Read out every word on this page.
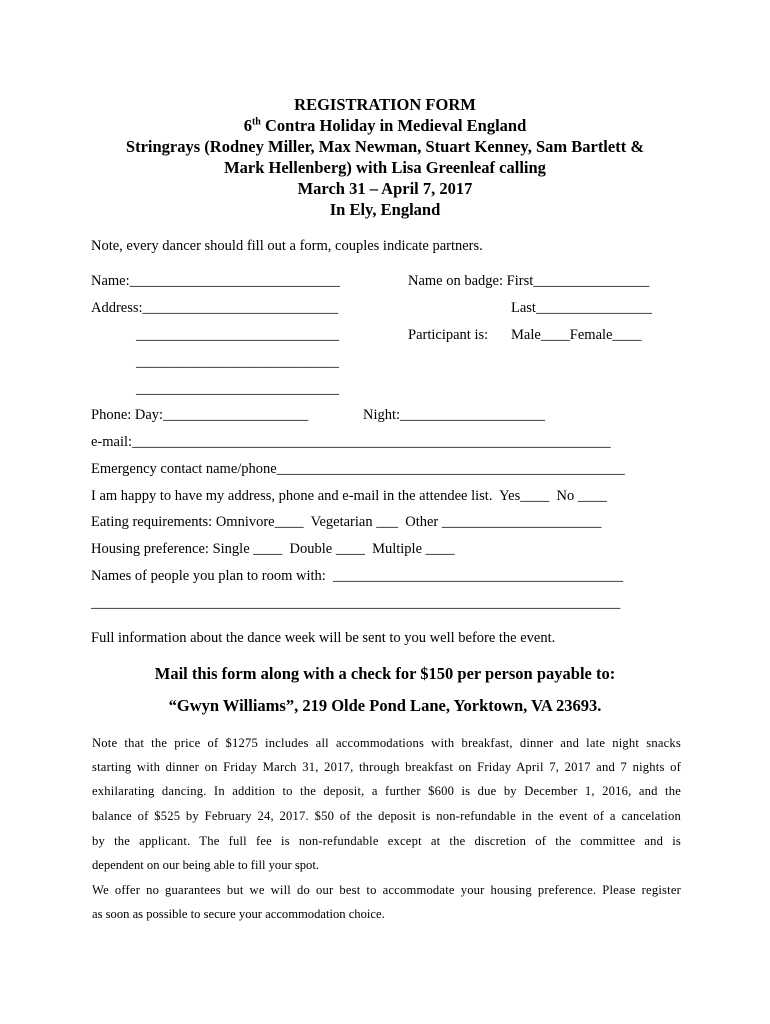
REGISTRATION FORM
6th Contra Holiday in Medieval England
Stringrays (Rodney Miller, Max Newman, Stuart Kenney, Sam Bartlett &
Mark Hellenberg) with Lisa Greenleaf calling
March 31 – April 7, 2017
In Ely, England
Note, every dancer should fill out a form, couples indicate partners.
Name:_____________________________	Name on badge: First________________
Address:___________________________	Last________________
____________________________	Participant is: Male____Female____
____________________________
____________________________
Phone: Day:____________________	Night:____________________
e-mail:__________________________________________________________________
Emergency contact name/phone________________________________________________
I am happy to have my address, phone and e-mail in the attendee list.  Yes____  No ____
Eating requirements: Omnivore____  Vegetarian ___  Other ______________________
Housing preference: Single ____  Double ____  Multiple ____
Names of people you plan to room with:  ________________________________________
_________________________________________________________________________
Full information about the dance week will be sent to you well before the event.
Mail this form along with a check for $150 per person payable to:
“Gwyn Williams”, 219 Olde Pond Lane, Yorktown, VA 23693.
Note that the price of $1275 includes all accommodations with breakfast, dinner and late night snacks
starting with dinner on Friday March 31, 2017, through breakfast on Friday April 7, 2017 and 7 nights of
exhilarating dancing. In addition to the deposit, a further $600 is due by December 1, 2016, and the
balance of $525 by February 24, 2017. $50 of the deposit is non-refundable in the event of a cancelation
by the applicant. The full fee is non-refundable except at the discretion of the committee and is
dependent on our being able to fill your spot.
We offer no guarantees but we will do our best to accommodate your housing preference. Please register
as soon as possible to secure your accommodation choice.
